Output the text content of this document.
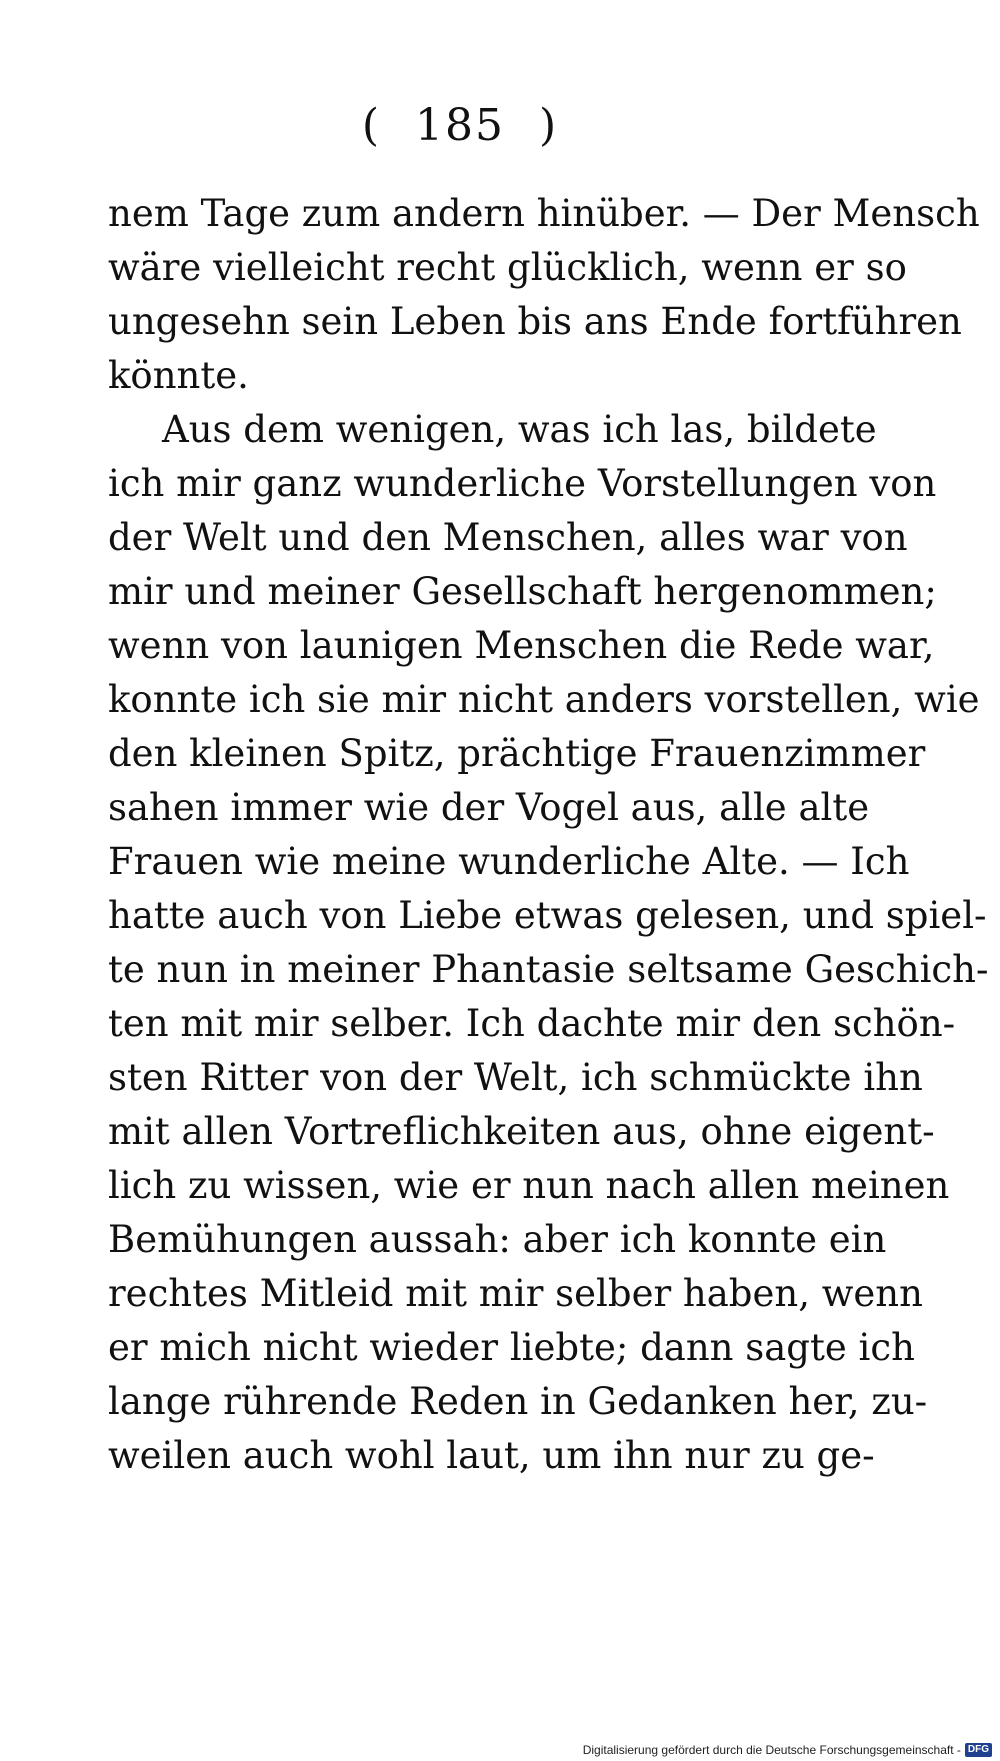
( 185 )
nem Tage zum andern hinüber. — Der Mensch
wäre vielleicht recht glücklich, wenn er so
ungesehn sein Leben bis ans Ende fortführen
könnte.
Aus dem wenigen, was ich las, bildete
ich mir ganz wunderliche Vorstellungen von
der Welt und den Menschen, alles war von
mir und meiner Gesellschaft hergenommen;
wenn von launigen Menschen die Rede war,
konnte ich sie mir nicht anders vorstellen, wie
den kleinen Spitz, prächtige Frauenzimmer
sahen immer wie der Vogel aus, alle alte
Frauen wie meine wunderliche Alte. — Ich
hatte auch von Liebe etwas gelesen, und spiel-
te nun in meiner Phantasie seltsame Geschich-
ten mit mir selber. Ich dachte mir den schön-
sten Ritter von der Welt, ich schmückte ihn
mit allen Vortreflichkeiten aus, ohne eigent-
lich zu wissen, wie er nun nach allen meinen
Bemühungen aussah: aber ich konnte ein
rechtes Mitleid mit mir selber haben, wenn
er mich nicht wieder liebte; dann sagte ich
lange rührende Reden in Gedanken her, zu-
weilen auch wohl laut, um ihn nur zu ge-
Digitalisierung gefördert durch die Deutsche Forschungsgemeinschaft - DFG
